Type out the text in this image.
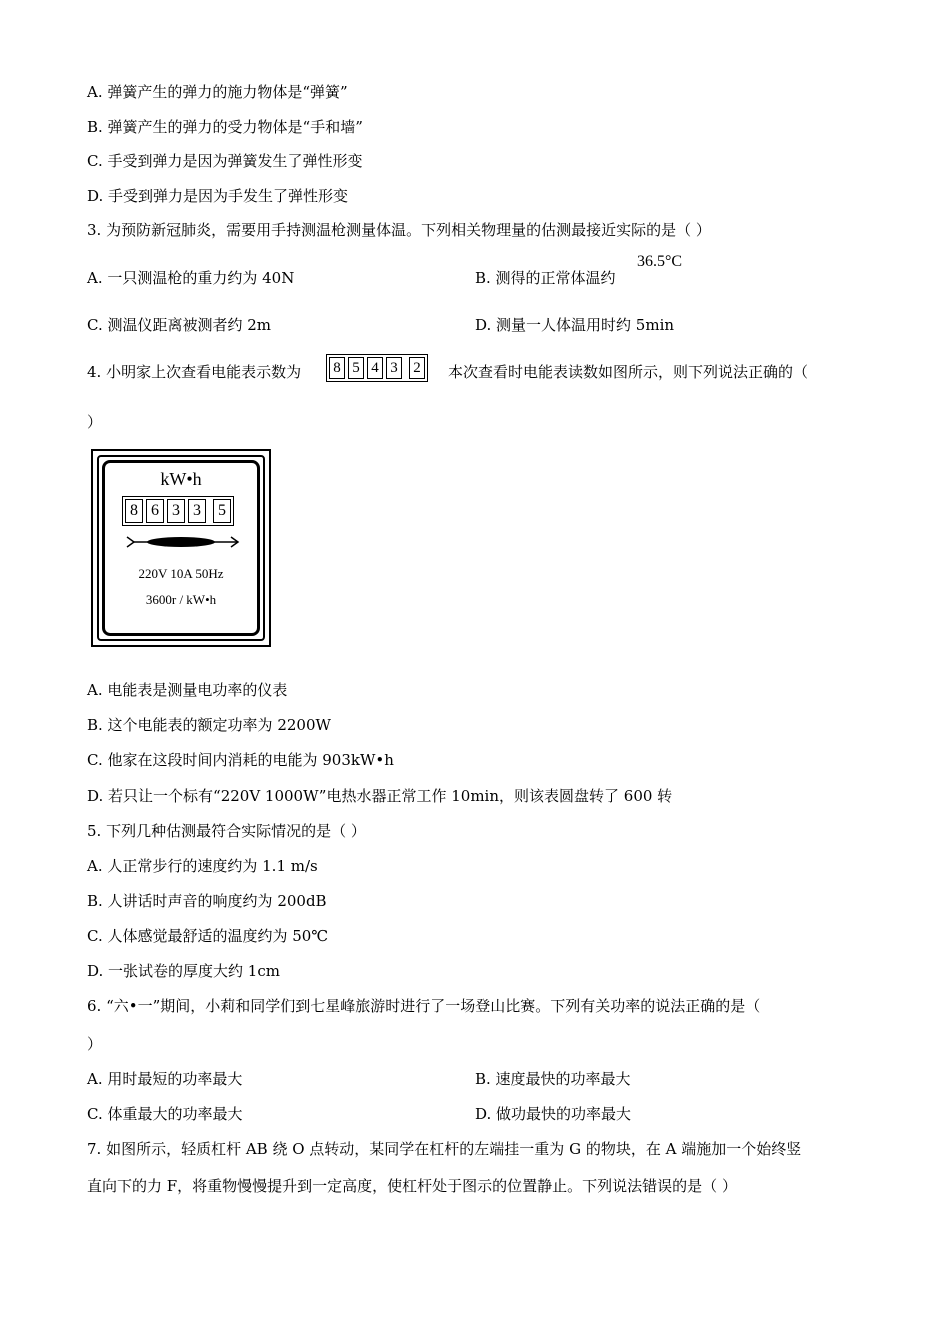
A. 弹簧产生的弹力的施力物体是“弹簧”
B. 弹簧产生的弹力的受力物体是“手和墙”
C. 手受到弹力是因为弹簧发生了弹性形变
D. 手受到弹力是因为手发生了弹性形变
3. 为预防新冠肺炎，需要用手持测温枪测量体温。下列相关物理量的估测最接近实际的是（ ）
A. 一只测温枪的重力约为 40N	B. 测得的正常体温约
36.5°C
C. 测温仪距离被测者约 2m	D. 测量一人体温用时约 5min
4. 小明家上次查看电能表示数为 8 5 4 3 2 本次查看时电能表读数如图所示，则下列说法正确的（
）
kW•h
8 6 3 3	5
220V 10A 50Hz
3600r / kW•h
A. 电能表是测量电功率的仪表
B. 这个电能表的额定功率为 2200W
C. 他家在这段时间内消耗的电能为 903kW•h
D. 若只让一个标有“220V 1000W”电热水器正常工作 10min，则该表圆盘转了 600 转
5. 下列几种估测最符合实际情况的是（ ）
A. 人正常步行的速度约为 1.1 m/s
B. 人讲话时声音的响度约为 200dB
C. 人体感觉最舒适的温度约为 50℃
D. 一张试卷的厚度大约 1cm
6. “六•一”期间，小莉和同学们到七星峰旅游时进行了一场登山比赛。下列有关功率的说法正确的是（
）
A. 用时最短的功率最大	B. 速度最快的功率最大
C. 体重最大的功率最大	D. 做功最快的功率最大
7. 如图所示，轻质杠杆 AB 绕 O 点转动，某同学在杠杆的左端挂一重为 G 的物块，在 A 端施加一个始终竖
直向下的力 F，将重物慢慢提升到一定高度，使杠杆处于图示的位置静止。下列说法错误的是（ ）
